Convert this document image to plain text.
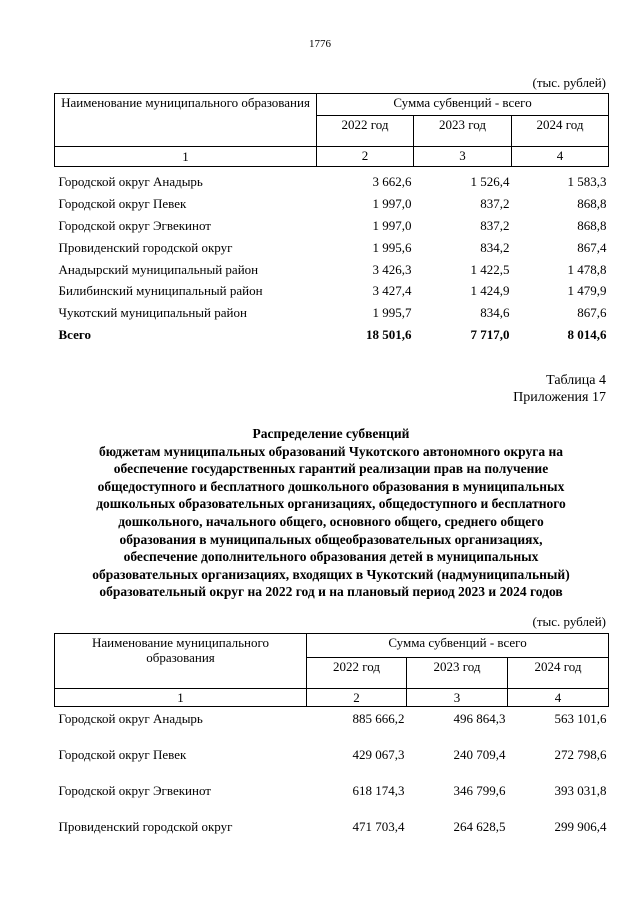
1776
(тыс. рублей)
Наименование муниципального образования	Сумма субвенций - всего		
	2022 год	2023 год	2024 год
1	2	3	4
Городской округ Анадырь	3 662,6	1 526,4	1 583,3
Городской округ Певек	1 997,0	837,2	868,8
Городской округ Эгвекинот	1 997,0	837,2	868,8
Провиденский городской округ	1 995,6	834,2	867,4
Анадырский муниципальный район	3 426,3	1 422,5	1 478,8
Билибинский муниципальный район	3 427,4	1 424,9	1 479,9
Чукотский муниципальный район	1 995,7	834,6	867,6
Всего	18 501,6	7 717,0	8 014,6
Таблица 4
Приложения 17
Распределение субвенций
бюджетам муниципальных образований Чукотского автономного округа на
обеспечение государственных гарантий реализации прав на получение
общедоступного и бесплатного дошкольного образования в муниципальных
дошкольных образовательных организациях, общедоступного и бесплатного
дошкольного, начального общего, основного общего, среднего общего
образования в муниципальных общеобразовательных организациях,
обеспечение дополнительного образования детей в муниципальных
образовательных организациях, входящих в Чукотский (надмуниципальный)
образовательный округ на 2022 год и на плановый период 2023 и 2024 годов
(тыс. рублей)
Наименование муниципального образования	Сумма субвенций - всего		
	2022 год	2023 год	2024 год
1	2	3	4
Городской округ Анадырь	885 666,2	496 864,3	563 101,6
Городской округ Певек	429 067,3	240 709,4	272 798,6
Городской округ Эгвекинот	618 174,3	346 799,6	393 031,8
Провиденский городской округ	471 703,4	264 628,5	299 906,4
